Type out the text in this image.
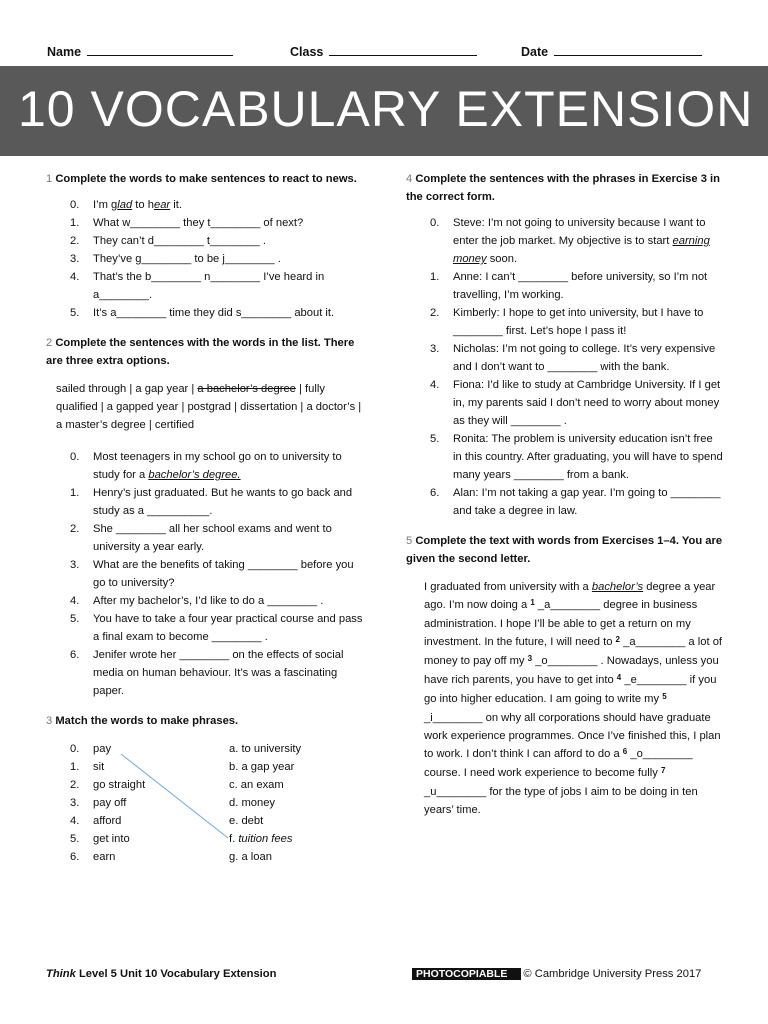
Name	Class	Date
10 VOCABULARY EXTENSION
1 Complete the words to make sentences to react to news.
0. I’m glad to hear it.
1. What w________ they t________ of next?
2. They can’t d________ t________ .
3. They’ve g________ to be j________ .
4. That’s the b________ n________ I’ve heard in a________.
5. It’s a________ time they did s________ about it.
2 Complete the sentences with the words in the list. There are three extra options.
sailed through | a gap year | a bachelor’s degree | fully qualified | a gapped year | postgrad | dissertation | a doctor’s | a master’s degree | certified
0. Most teenagers in my school go on to university to study for a bachelor’s degree.
1. Henry’s just graduated. But he wants to go back and study as a __________.
2. She ________ all her school exams and went to university a year early.
3. What are the benefits of taking ________ before you go to university?
4. After my bachelor’s, I’d like to do a ________ .
5. You have to take a four year practical course and pass a final exam to become ________ .
6. Jenifer wrote her ________ on the effects of social media on human behaviour. It’s was a fascinating paper.
3 Match the words to make phrases.
0. pay	a. to university
1. sit	b. a gap year
2. go straight	c. an exam
3. pay off	d. money
4. afford	e. debt
5. get into	f. tuition fees
6. earn	g. a loan
4 Complete the sentences with the phrases in Exercise 3 in the correct form.
0. Steve: I’m not going to university because I want to enter the job market. My objective is to start earning money soon.
1. Anne: I can’t ________ before university, so I’m not travelling, I’m working.
2. Kimberly: I hope to get into university, but I have to ________ first. Let’s hope I pass it!
3. Nicholas: I’m not going to college. It’s very expensive and I don’t want to ________ with the bank.
4. Fiona: I’d like to study at Cambridge University. If I get in, my parents said I don’t need to worry about money as they will ________ .
5. Ronita: The problem is university education isn’t free in this country. After graduating, you will have to spend many years ________ from a bank.
6. Alan: I’m not taking a gap year. I’m going to ________ and take a degree in law.
5 Complete the text with words from Exercises 1–4. You are given the second letter.
I graduated from university with a bachelor’s degree a year ago. I’m now doing a $^1$ _a________ degree in business administration. I hope I’ll be able to get a return on my investment. In the future, I will need to $^2$ _a________ a lot of money to pay off my $^3$ _o________ . Nowadays, unless you have rich parents, you have to get into $^4$ _e________ if you go into higher education. I am going to write my $^5$ _i________ on why all corporations should have graduate work experience programmes. Once I’ve finished this, I plan to work. I don’t think I can afford to do a $^6$ _o________ course. I need work experience to become fully $^7$ _u________ for the type of jobs I aim to be doing in ten years’ time.
Think Level 5 Unit 10 Vocabulary Extension	PHOTOCOPIABLE © Cambridge University Press 2017
